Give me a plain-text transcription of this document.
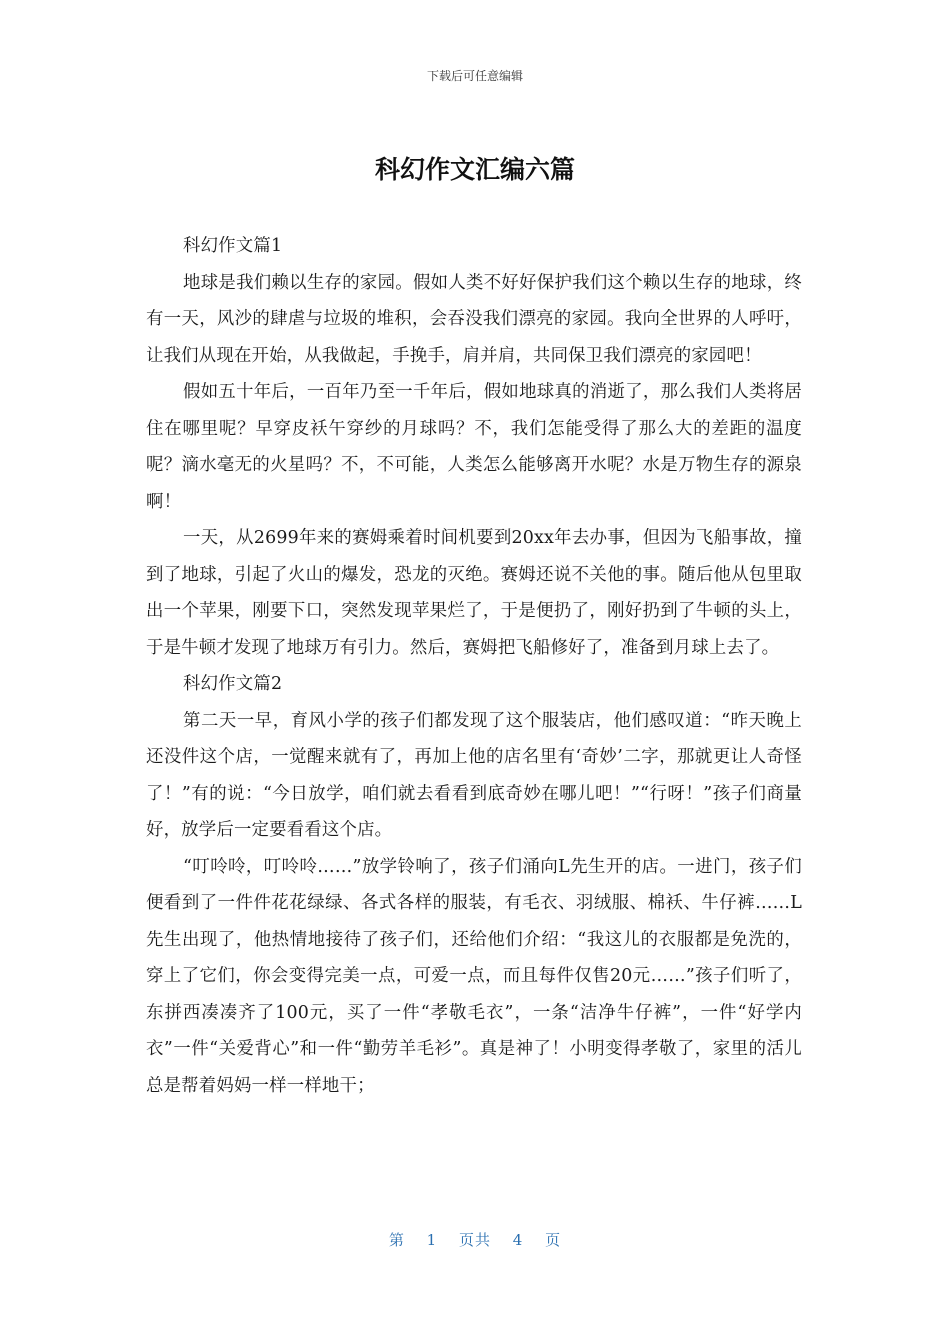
下载后可任意编辑
科幻作文汇编六篇

科幻作文篇1

地球是我们赖以生存的家园。假如人类不好好保护我们这个赖以生存的地球，终有一天，风沙的肆虐与垃圾的堆积，会吞没我们漂亮的家园。我向全世界的人呼吁，让我们从现在开始，从我做起，手挽手，肩并肩，共同保卫我们漂亮的家园吧！

假如五十年后，一百年乃至一千年后，假如地球真的消逝了，那么我们人类将居住在哪里呢？早穿皮袄午穿纱的月球吗？不，我们怎能受得了那么大的差距的温度呢？滴水毫无的火星吗？不，不可能，人类怎么能够离开水呢？水是万物生存的源泉啊！

一天，从2699年来的赛姆乘着时间机要到20xx年去办事，但因为飞船事故，撞到了地球，引起了火山的爆发，恐龙的灭绝。赛姆还说不关他的事。随后他从包里取出一个苹果，刚要下口，突然发现苹果烂了，于是便扔了，刚好扔到了牛顿的头上，于是牛顿才发现了地球万有引力。然后，赛姆把飞船修好了，准备到月球上去了。

科幻作文篇2

第二天一早，育风小学的孩子们都发现了这个服装店，他们感叹道：“昨天晚上还没件这个店，一觉醒来就有了，再加上他的店名里有‘奇妙’二字，那就更让人奇怪了！”有的说：“今日放学，咱们就去看看到底奇妙在哪儿吧！”“行呀！”孩子们商量好，放学后一定要看看这个店。

“叮呤呤，叮呤呤……”放学铃响了，孩子们涌向L先生开的店。一进门，孩子们便看到了一件件花花绿绿、各式各样的服装，有毛衣、羽绒服、棉袄、牛仔裤……L先生出现了，他热情地接待了孩子们，还给他们介绍：“我这儿的衣服都是免洗的，穿上了它们，你会变得完美一点，可爱一点，而且每件仅售20元……”孩子们听了，东拼西凑凑齐了100元，买了一件“孝敬毛衣”，一条“洁净牛仔裤”，一件“好学内衣”一件“关爱背心”和一件“勤劳羊毛衫”。真是神了！小明变得孝敬了，家里的活儿总是帮着妈妈一样一样地干；

第 1 页共 4 页
